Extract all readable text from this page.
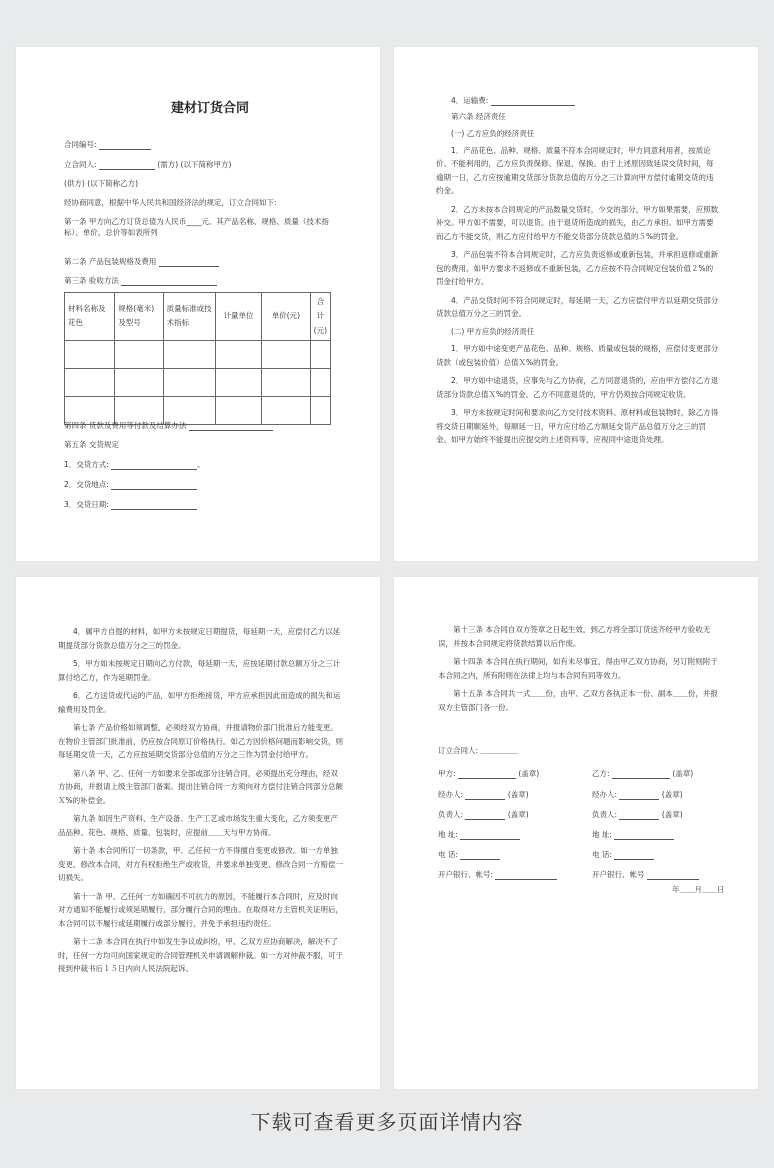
建材订货合同
合同编号:
立合同人:	(需方) (以下简称甲方)
(供方) (以下简称乙方)
经协商同意，根据中华人民共和国经济法的规定，订立合同如下:

第一条 甲方向乙方订货总值为人民币____元。其产品名称、规格、质量（技术指标）、单价、总价等如表所列

第二条 产品包装规格及费用
第三条 验收方法
材料名称及花色	规格(毫米)及型号	质量标准或技术指标	计量单位	单价(元)	合计(元)

第四条 货款及费用等付款及结算办法
第五条 交货规定
1．交货方式:	。
2．交货地点:
3．交货日期:
4．运输费:

第六条 经济责任

(一) 乙方应负的经济责任

1．产品花色、品种、规格、质量不符本合同规定时，甲方同意利用者，按质论价。不能利用的，乙方应负责保修、保退、保换。由于上述原因致延误交货时间，每逾期一日，乙方应按逾期交货部分货款总值的万分之三计算向甲方偿付逾期交货的违约金。

2．乙方未按本合同规定的产品数量交货时，少交的部分，甲方如果需要，应照数补交。甲方如不需要，可以退货。由于退货所造成的损失，由乙方承担。如甲方需要而乙方不能交货，则乙方应付给甲方不能交货部分货款总值的５%的罚金。

3．产品包装不符本合同规定时，乙方应负责返修或重新包装，并承担返修或重新包的费用。如甲方要求不返修或不重新包装，乙方应按不符合同规定包装价值２%的罚金付给甲方。

4．产品交货时间不符合同规定时，每延期一天，乙方应偿付甲方以延期交货部分货款总值万分之三的罚金。

(二) 甲方应负的经济责任

1．甲方如中途变更产品花色、品种、规格、质量或包装的规格，应偿付变更部分货款（或包装价值）总值Ｘ%的罚金。

2．甲方如中途退货，应事先与乙方协商，乙方同意退货的，应由甲方偿付乙方退货部分货款总值Ｘ%的罚金。乙方不同意退货的，甲方仍须按合同规定收货。

3．甲方未按规定时间和要求向乙方交付技术资料、原材料或包装物时，除乙方得将交货日期顺延外，每顺延一日，甲方应付给乙方顺延交货产品总值万分之三的罚金。如甲方始终不能提出应提交的上述资料等，应视同中途退货处理。

4．属甲方自提的材料，如甲方未按规定日期提货，每延期一天，应偿付乙方以延期提货部分货款总值万分之三的罚金。

5．甲方如未按规定日期向乙方付款，每延期一天，应按延期付款总额万分之三计算付给乙方，作为延期罚金。

6．乙方送货或代运的产品，如甲方拒绝接货，甲方应承担因此而造成的损失和运输费用及罚金。

第七条 产品价格如须调整，必须经双方协商，并报请物价部门批准后方能变更。在物价主管部门批准前，仍应按合同原订价格执行。如乙方因价格问题而影响交货，则每延期交货一天，乙方应按延期交货部分总值的万分之三作为罚金付给甲方。

第八条 甲、乙、任何一方如要求全部或部分注销合同，必须提出充分理由，经双方协商，并报请上级主管部门备案。提出注销合同一方须向对方偿付注销合同部分总额Ｘ%的补偿金。

第九条 如因生产资料、生产设备、生产工艺或市场发生重大变化，乙方须变更产品品种、花色、规格、质量、包装时，应提前＿＿天与甲方协商。

第十条 本合同所订一切条款，甲、乙任何一方不得擅自变更或修改。如一方单独变更、修改本合同，对方有权拒绝生产或收货，并要求单独变更、修改合同一方赔偿一切损失。

第十一条 甲、乙任何一方如确因不可抗力的原因，不能履行本合同时，应及时向对方通知不能履行或须延期履行，部分履行合同的理由。在取得对方主管机关证明后，本合同可以不履行或延期履行或部分履行，并免予承担违约责任。

第十二条 本合同在执行中如发生争议或纠纷，甲、乙双方应协商解决，解决不了时，任何一方均可向国家规定的合同管理机关申请调解仲裁。如一方对仲裁不服，可于接到仲裁书后１５日内向人民法院起诉。

第十三条 本合同自双方签章之日起生效，到乙方将全部订货送齐经甲方验收无误，并按本合同规定将货款结算以后作废。

第十四条 本合同在执行期间，如有未尽事宜，得由甲乙双方协商，另订附则附于本合同之内，所有附则在法律上均与本合同有同等效力。

第十五条 本合同共一式＿＿份，由甲、乙双方各执正本一份、副本＿＿份，并报双方主管部门各一份。

订立合同人: ＿＿＿＿＿
甲方:	(盖章)
经办人:	(盖章)
负责人:	(盖章)
地 址:
电 话:
开户银行、帐号:
乙方:	(盖章)
经办人:	(盖章)
负责人:	(盖章)
地 址:
电 话:
开户银行、帐号
年＿＿月＿＿日
下载可查看更多页面详情内容
